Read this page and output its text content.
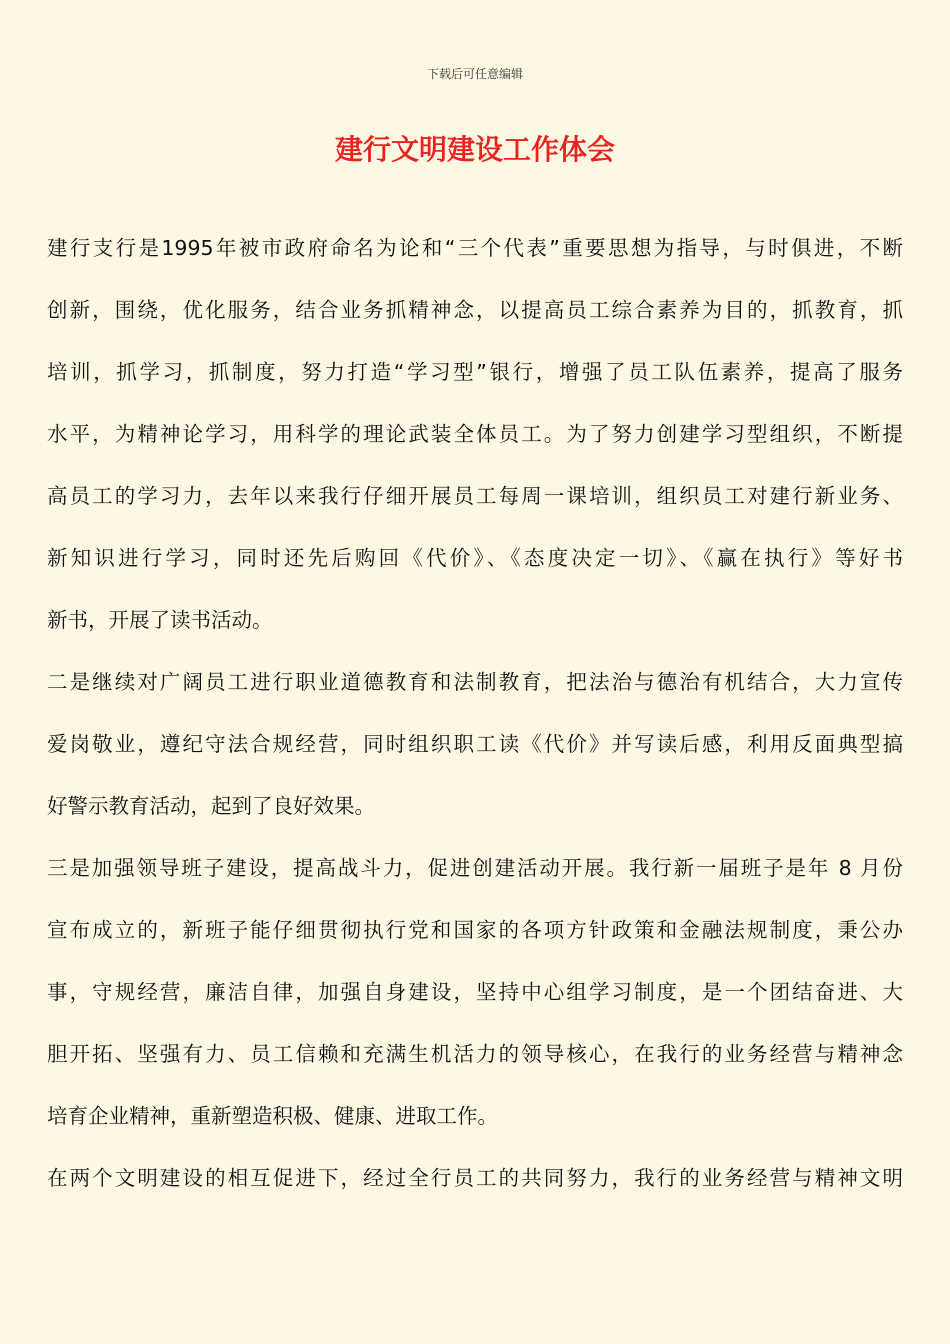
下载后可任意编辑
建行文明建设工作体会

建行支行是1995年被市政府命名为论和“三个代表”重要思想为指导，与时俱进，不断
创新，围绕，优化服务，结合业务抓精神念，以提高员工综合素养为目的，抓教育，抓
培训，抓学习，抓制度，努力打造“学习型”银行，增强了员工队伍素养，提高了服务
水平，为精神论学习，用科学的理论武装全体员工。为了努力创建学习型组织，不断提
高员工的学习力，去年以来我行仔细开展员工每周一课培训，组织员工对建行新业务、
新知识进行学习，同时还先后购回《代价》、《态度决定一切》、《赢在执行》等好书
新书，开展了读书活动。

二是继续对广阔员工进行职业道德教育和法制教育，把法治与德治有机结合，大力宣传
爱岗敬业，遵纪守法合规经营，同时组织职工读《代价》并写读后感，利用反面典型搞
好警示教育活动，起到了良好效果。

三是加强领导班子建设，提高战斗力，促进创建活动开展。我行新一届班子是年 8 月份
宣布成立的，新班子能仔细贯彻执行党和国家的各项方针政策和金融法规制度，秉公办
事，守规经营，廉洁自律，加强自身建设，坚持中心组学习制度，是一个团结奋进、大
胆开拓、坚强有力、员工信赖和充满生机活力的领导核心，在我行的业务经营与精神念
培育企业精神，重新塑造积极、健康、进取工作。

在两个文明建设的相互促进下，经过全行员工的共同努力，我行的业务经营与精神文明
